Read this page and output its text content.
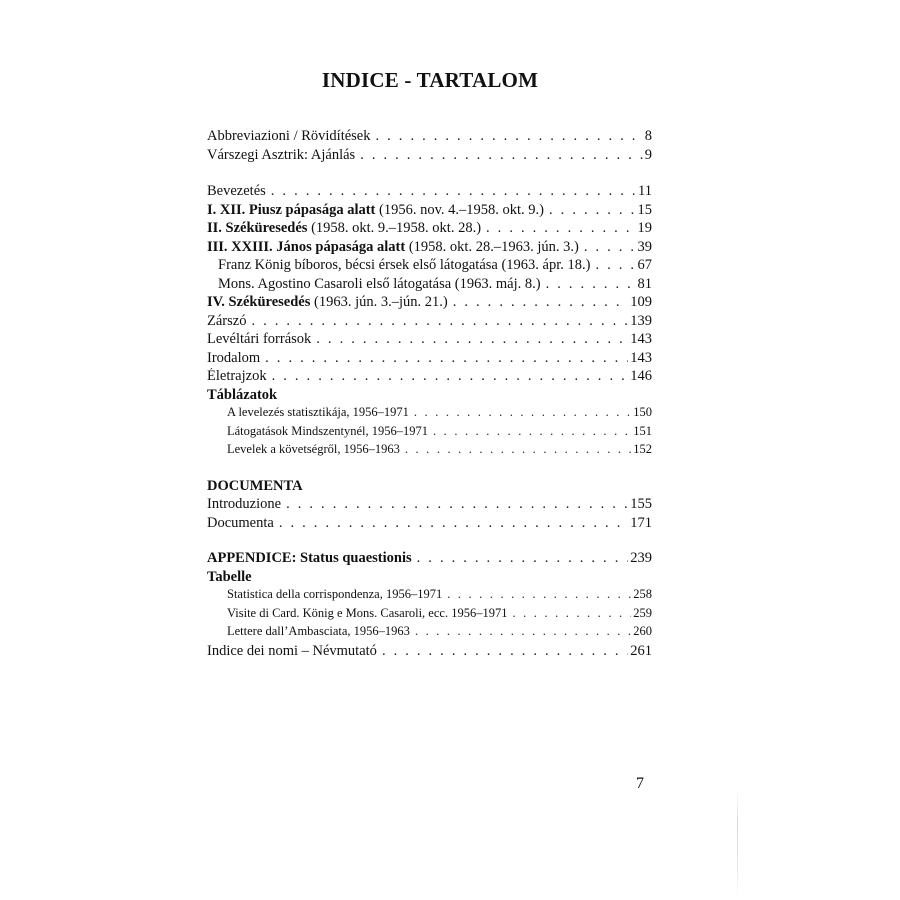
INDICE - TARTALOM
Abbreviazioni / Rövidítések . . .	8
Várszegi Asztrik: Ajánlás . . .	9
Bevezetés . . .	11
I. XII. Piusz pápasága alatt (1956. nov. 4.–1958. okt. 9.) . . .	15
II. Széküresedés (1958. okt. 9.–1958. okt. 28.) . . .	19
III. XXIII. János pápasága alatt (1958. okt. 28.–1963. jún. 3.) . . .	39
Franz König bíboros, bécsi érsek első látogatása (1963. ápr. 18.) . . .	67
Mons. Agostino Casaroli első látogatása (1963. máj. 8.) . . .	81
IV. Széküresedés (1963. jún. 3.–jún. 21.) . . .	109
Zárszó . . .	139
Levéltári források . . .	143
Irodalom . . .	143
Életrajzok . . .	146
Táblázatok
A levelezés statisztikája, 1956–1971 . . .	150
Látogatások Mindszentynél, 1956–1971 . . .	151
Levelek a követségről, 1956–1963 . . .	152
DOCUMENTA
Introduzione . . .	155
Documenta . . .	171
APPENDICE: Status quaestionis . . .	239
Tabelle
Statistica della corrispondenza, 1956–1971 . . .	258
Visite di Card. König e Mons. Casaroli, ecc. 1956–1971 . . .	259
Lettere dall’Ambasciata, 1956–1963 . . .	260
Indice dei nomi – Névmutató . . .	261
7
